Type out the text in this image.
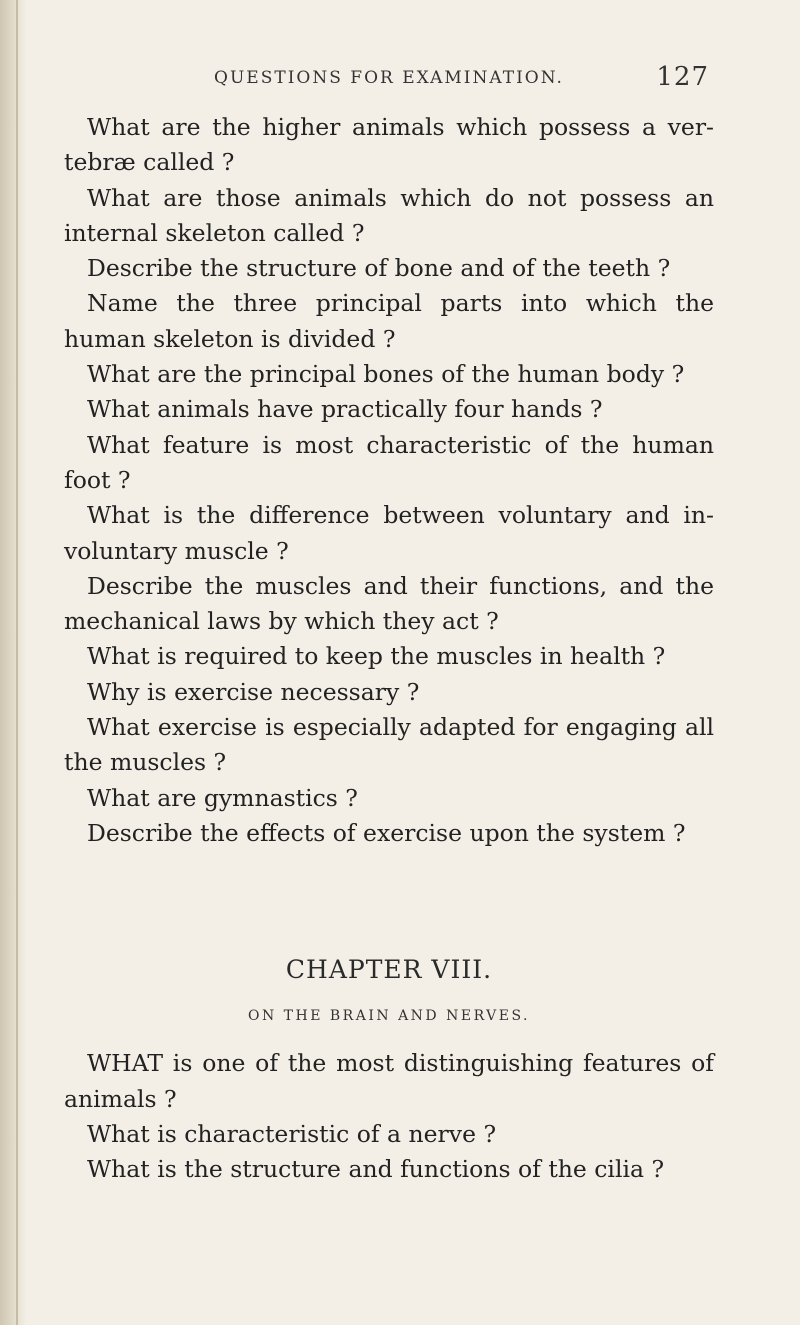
QUESTIONS FOR EXAMINATION.	127

What are the higher animals which possess a ver-tebræ called ?

What are those animals which do not possess an internal skeleton called ?

Describe the structure of bone and of the teeth ?

Name the three principal parts into which the human skeleton is divided ?

What are the principal bones of the human body ?

What animals have practically four hands ?

What feature is most characteristic of the human foot ?

What is the difference between voluntary and in-voluntary muscle ?

Describe the muscles and their functions, and the mechanical laws by which they act ?

What is required to keep the muscles in health ?

Why is exercise necessary ?

What exercise is especially adapted for engaging all the muscles ?

What are gymnastics ?

Describe the effects of exercise upon the system ?

CHAPTER VIII.
ON THE BRAIN AND NERVES.

WHAT is one of the most distinguishing features of animals ?

What is characteristic of a nerve ?

What is the structure and functions of the cilia ?
